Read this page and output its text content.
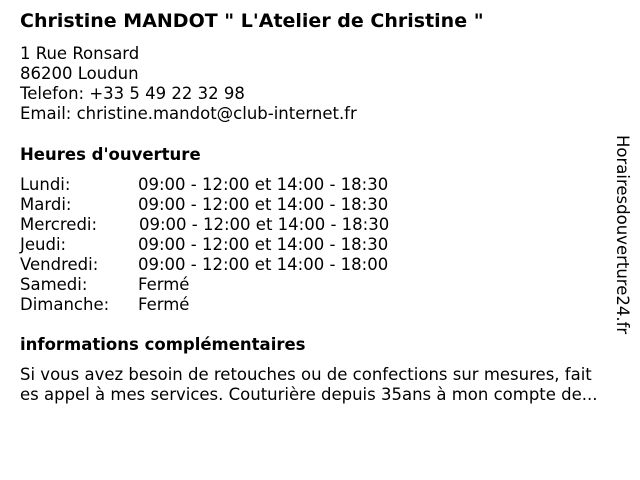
Christine MANDOT " L'Atelier de Christine "
1 Rue Ronsard
86200 Loudun
Telefon: +33 5 49 22 32 98
Email: christine.mandot@club-internet.fr
Heures d'ouverture
Lundi:	09:00 - 12:00 et 14:00 - 18:30
Mardi:	09:00 - 12:00 et 14:00 - 18:30
Mercredi:	09:00 - 12:00 et 14:00 - 18:30
Jeudi:	09:00 - 12:00 et 14:00 - 18:30
Vendredi: 09:00 - 12:00 et 14:00 - 18:00
Samedi:	Fermé
Dimanche: Fermé
informations complémentaires
Si vous avez besoin de retouches ou de confections sur mesures, fait
es appel à mes services. Couturière depuis 35ans à mon compte de...
Horairesdouverture24.fr
